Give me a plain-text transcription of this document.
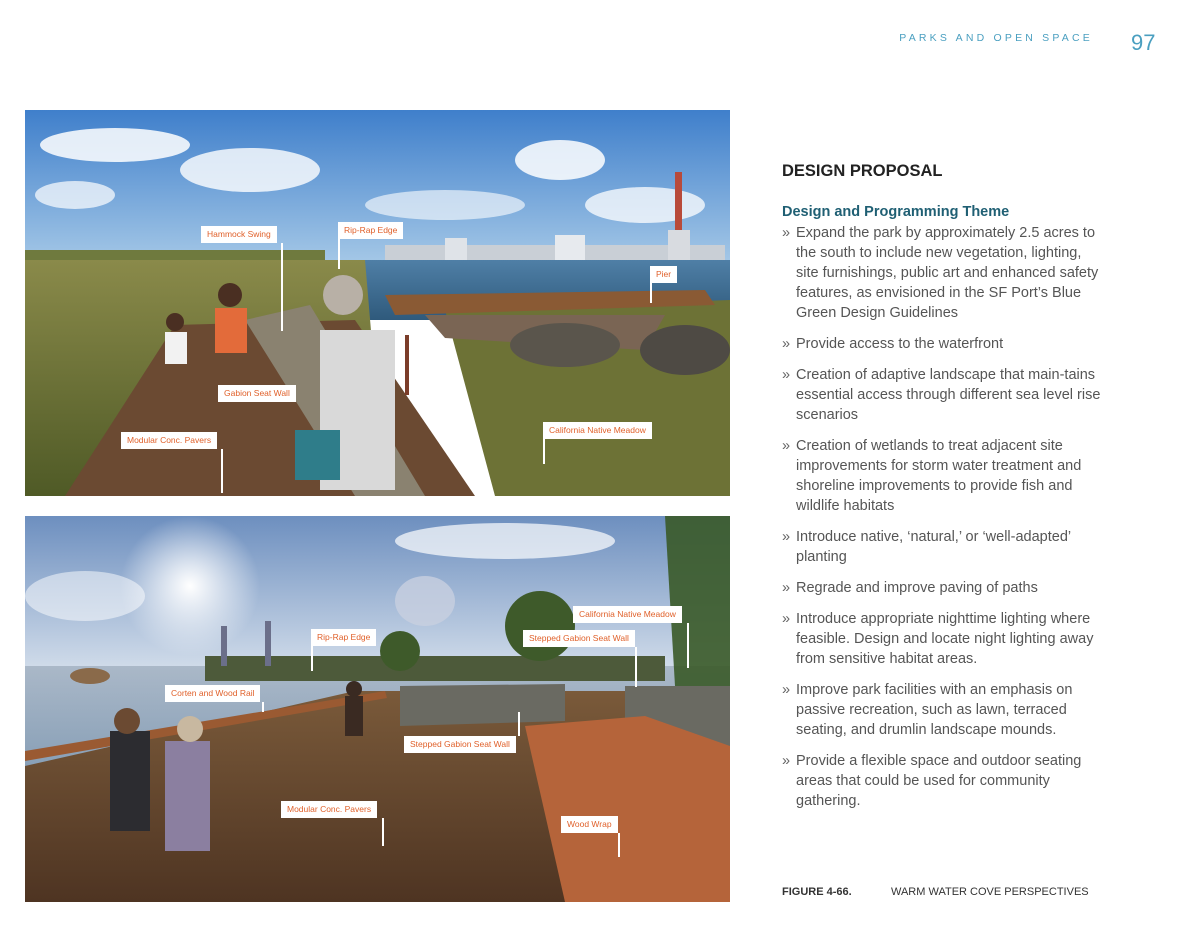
PARKS AND OPEN SPACE 97
Hammock Swing	Rip-Rap Edge
Pier
Gabion Seat Wall
Modular Conc. Pavers
California Native Meadow
California Native Meadow
Rip-Rap Edge	Stepped Gabion Seat Wall
Corten and Wood Rail
Stepped Gabion Seat Wall
Modular Conc. Pavers
Wood Wrap
DESIGN PROPOSAL
Design and Programming Theme
» Expand the park by approximately 2.5 acres to the south to include new vegetation, lighting, site furnishings, public art and enhanced safety features, as envisioned in the SF Port’s Blue Green Design Guidelines
» Provide access to the waterfront
» Creation of adaptive landscape that main-tains essential access through different sea level rise scenarios
» Creation of wetlands to treat adjacent site improvements for storm water treatment and shoreline improvements to provide fish and wildlife habitats
» Introduce native, ‘natural,’ or ‘well-adapted’ planting
» Regrade and improve paving of paths
» Introduce appropriate nighttime lighting where feasible. Design and locate night lighting away from sensitive habitat areas.
» Improve park facilities with an emphasis on passive recreation, such as lawn, terraced seating, and drumlin landscape mounds.
» Provide a flexible space and outdoor seating areas that could be used for community gathering.
FIGURE 4-66.	WARM WATER COVE PERSPECTIVES
